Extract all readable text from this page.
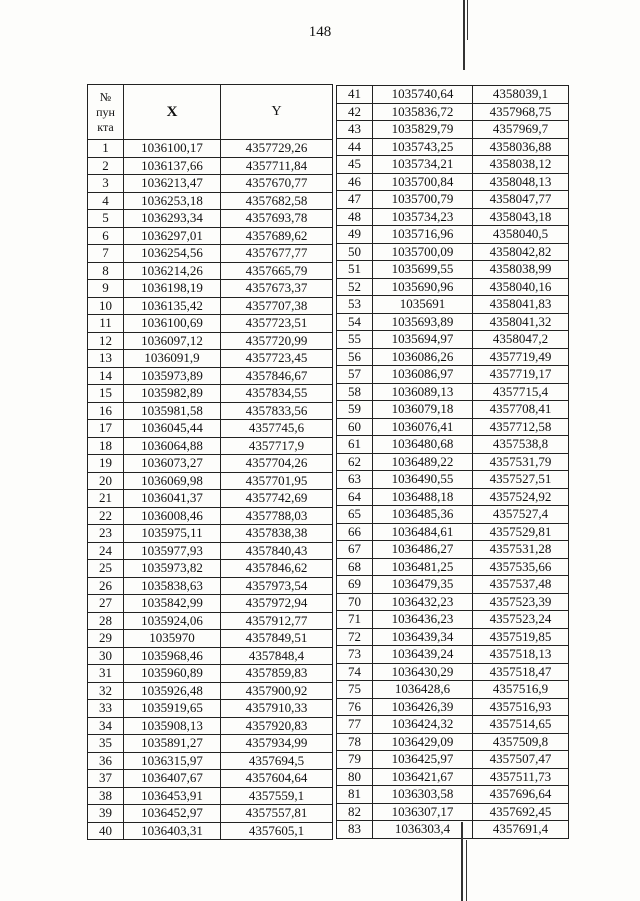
148
№
пун
кта	X	Y
1	1036100,17	4357729,26
2	1036137,66	4357711,84
3	1036213,47	4357670,77
4	1036253,18	4357682,58
5	1036293,34	4357693,78
6	1036297,01	4357689,62
7	1036254,56	4357677,77
8	1036214,26	4357665,79
9	1036198,19	4357673,37
10	1036135,42	4357707,38
11	1036100,69	4357723,51
12	1036097,12	4357720,99
13	1036091,9	4357723,45
14	1035973,89	4357846,67
15	1035982,89	4357834,55
16	1035981,58	4357833,56
17	1036045,44	4357745,6
18	1036064,88	4357717,9
19	1036073,27	4357704,26
20	1036069,98	4357701,95
21	1036041,37	4357742,69
22	1036008,46	4357788,03
23	1035975,11	4357838,38
24	1035977,93	4357840,43
25	1035973,82	4357846,62
26	1035838,63	4357973,54
27	1035842,99	4357972,94
28	1035924,06	4357912,77
29	1035970	4357849,51
30	1035968,46	4357848,4
31	1035960,89	4357859,83
32	1035926,48	4357900,92
33	1035919,65	4357910,33
34	1035908,13	4357920,83
35	1035891,27	4357934,99
36	1036315,97	4357694,5
37	1036407,67	4357604,64
38	1036453,91	4357559,1
39	1036452,97	4357557,81
40	1036403,31	4357605,1
41	1035740,64	4358039,1
42	1035836,72	4357968,75
43	1035829,79	4357969,7
44	1035743,25	4358036,88
45	1035734,21	4358038,12
46	1035700,84	4358048,13
47	1035700,79	4358047,77
48	1035734,23	4358043,18
49	1035716,96	4358040,5
50	1035700,09	4358042,82
51	1035699,55	4358038,99
52	1035690,96	4358040,16
53	1035691	4358041,83
54	1035693,89	4358041,32
55	1035694,97	4358047,2
56	1036086,26	4357719,49
57	1036086,97	4357719,17
58	1036089,13	4357715,4
59	1036079,18	4357708,41
60	1036076,41	4357712,58
61	1036480,68	4357538,8
62	1036489,22	4357531,79
63	1036490,55	4357527,51
64	1036488,18	4357524,92
65	1036485,36	4357527,4
66	1036484,61	4357529,81
67	1036486,27	4357531,28
68	1036481,25	4357535,66
69	1036479,35	4357537,48
70	1036432,23	4357523,39
71	1036436,23	4357523,24
72	1036439,34	4357519,85
73	1036439,24	4357518,13
74	1036430,29	4357518,47
75	1036428,6	4357516,9
76	1036426,39	4357516,93
77	1036424,32	4357514,65
78	1036429,09	4357509,8
79	1036425,97	4357507,47
80	1036421,67	4357511,73
81	1036303,58	4357696,64
82	1036307,17	4357692,45
83	1036303,4	4357691,4
